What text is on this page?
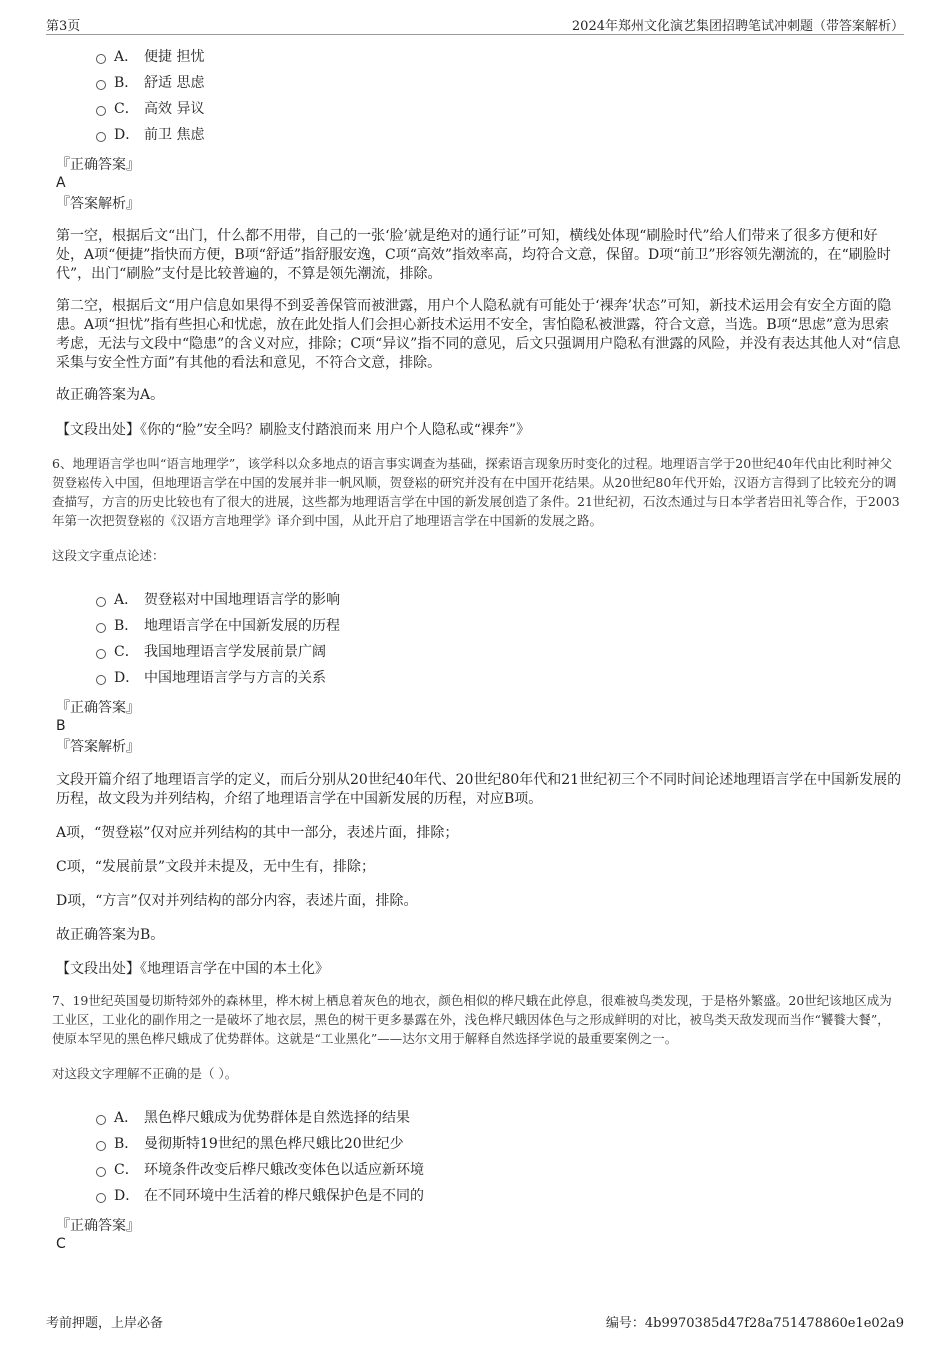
第3页	2024年郑州文化演艺集团招聘笔试冲刺题（带答案解析）
A． 便捷 担忧
B． 舒适 思虑
C． 高效 异议
D． 前卫 焦虑

『正确答案』

A

『答案解析』

第一空，根据后文“出门，什么都不用带，自己的一张‘脸’就是绝对的通行证”可知，横线处体现“刷脸时代”给人们带来了很多方便和好处，A项“便捷”指快而方便，B项“舒适”指舒服安逸，C项“高效”指效率高，均符合文意，保留。D项“前卫”形容领先潮流的，在“刷脸时代”，出门“刷脸”支付是比较普遍的，不算是领先潮流，排除。

第二空，根据后文“用户信息如果得不到妥善保管而被泄露，用户个人隐私就有可能处于‘裸奔’状态”可知，新技术运用会有安全方面的隐患。A项“担忧”指有些担心和忧虑，放在此处指人们会担心新技术运用不安全，害怕隐私被泄露，符合文意，当选。B项“思虑”意为思索考虑，无法与文段中“隐患”的含义对应，排除；C项“异议”指不同的意见，后文只强调用户隐私有泄露的风险，并没有表达其他人对“信息采集与安全性方面”有其他的看法和意见，不符合文意，排除。

故正确答案为A。

【文段出处】《你的“脸”安全吗？刷脸支付踏浪而来 用户个人隐私或“裸奔”》

6、地理语言学也叫“语言地理学”，该学科以众多地点的语言事实调查为基础，探索语言现象历时变化的过程。地理语言学于20世纪40年代由比利时神父贺登崧传入中国，但地理语言学在中国的发展并非一帆风顺，贺登崧的研究并没有在中国开花结果。从20世纪80年代开始，汉语方言得到了比较充分的调查描写，方言的历史比较也有了很大的进展，这些都为地理语言学在中国的新发展创造了条件。21世纪初，石汝杰通过与日本学者岩田礼等合作，于2003年第一次把贺登崧的《汉语方言地理学》译介到中国，从此开启了地理语言学在中国新的发展之路。

这段文字重点论述：

A． 贺登崧对中国地理语言学的影响
B． 地理语言学在中国新发展的历程
C． 我国地理语言学发展前景广阔
D． 中国地理语言学与方言的关系

『正确答案』

B

『答案解析』

文段开篇介绍了地理语言学的定义，而后分别从20世纪40年代、20世纪80年代和21世纪初三个不同时间论述地理语言学在中国新发展的历程，故文段为并列结构，介绍了地理语言学在中国新发展的历程，对应B项。

A项，“贺登崧”仅对应并列结构的其中一部分，表述片面，排除；

C项，“发展前景”文段并未提及，无中生有，排除；

D项，“方言”仅对并列结构的部分内容，表述片面，排除。

故正确答案为B。

【文段出处】《地理语言学在中国的本土化》

7、19世纪英国曼切斯特郊外的森林里，桦木树上栖息着灰色的地衣，颜色相似的桦尺蛾在此停息，很难被鸟类发现，于是格外繁盛。20世纪该地区成为工业区，工业化的副作用之一是破坏了地衣层，黑色的树干更多暴露在外，浅色桦尺蛾因体色与之形成鲜明的对比，被鸟类天敌发现而当作“饕餮大餐”，使原本罕见的黑色桦尺蛾成了优势群体。这就是“工业黑化”——达尔文用于解释自然选择学说的最重要案例之一。

对这段文字理解不正确的是（ ）。

A． 黑色桦尺蛾成为优势群体是自然选择的结果
B． 曼彻斯特19世纪的黑色桦尺蛾比20世纪少
C． 环境条件改变后桦尺蛾改变体色以适应新环境
D． 在不同环境中生活着的桦尺蛾保护色是不同的

『正确答案』

C

考前押题，上岸必备	编号：4b9970385d47f28a751478860e1e02a9
